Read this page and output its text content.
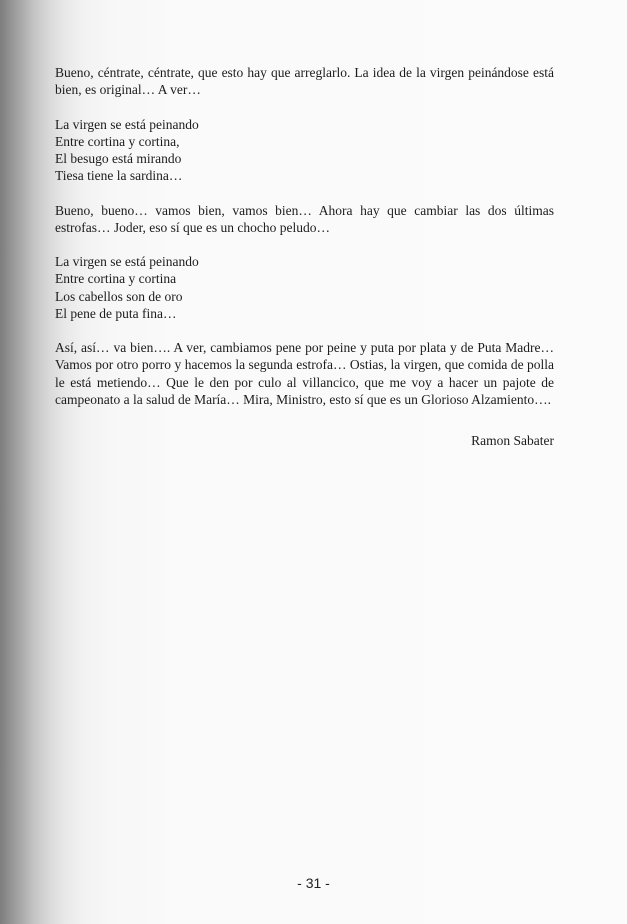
Bueno, céntrate, céntrate, que esto hay que arreglarlo. La idea de la virgen peinándose está bien, es original… A ver…

La virgen se está peinando
Entre cortina y cortina,
El besugo está mirando
Tiesa tiene la sardina…

Bueno, bueno… vamos bien, vamos bien… Ahora hay que cambiar las dos últimas estrofas… Joder, eso sí que es un chocho peludo…

La virgen se está peinando
Entre cortina y cortina
Los cabellos son de oro
El pene de puta fina…

Así, así… va bien…. A ver, cambiamos pene por peine y puta por plata y de Puta Madre… Vamos por otro porro y hacemos la segunda estrofa… Ostias, la virgen, que comida de polla le está metiendo… Que le den por culo al villancico, que me voy a hacer un pajote de campeonato a la salud de María… Mira, Ministro, esto sí que es un Glorioso Alzamiento….

Ramon Sabater
- 31 -
